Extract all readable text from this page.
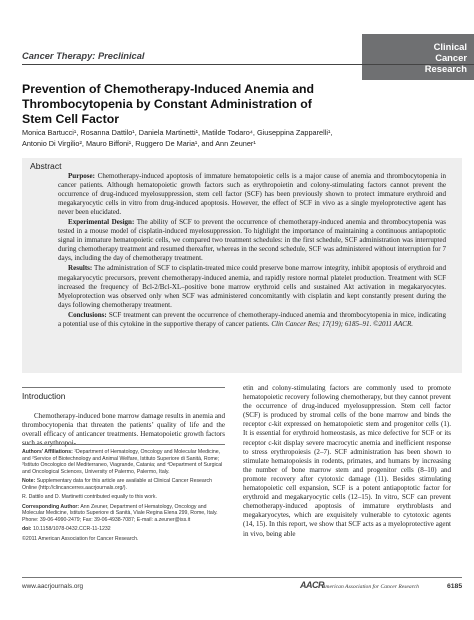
Clinical
Cancer
Research
Cancer Therapy: Preclinical
Prevention of Chemotherapy-Induced Anemia and Thrombocytopenia by Constant Administration of Stem Cell Factor
Monica Bartucci¹, Rosanna Dattilo¹, Daniela Martinetti¹, Matilde Todaro⁴, Giuseppina Zapparelli¹,
Antonio Di Virgilio², Mauro Biffoni¹, Ruggero De Maria¹, and Ann Zeuner¹
Abstract

Purpose: Chemotherapy-induced apoptosis of immature hematopoietic cells is a major cause of anemia and thrombocytopenia in cancer patients. Although hematopoietic growth factors such as erythropoietin and colony-stimulating factors cannot prevent the occurrence of drug-induced myelosuppression, stem cell factor (SCF) has been previously shown to protect immature erythroid and megakaryocytic cells in vitro from drug-induced apoptosis. However, the effect of SCF in vivo as a single myeloprotective agent has never been elucidated.

Experimental Design: The ability of SCF to prevent the occurrence of chemotherapy-induced anemia and thrombocytopenia was tested in a mouse model of cisplatin-induced myelosuppression. To highlight the importance of maintaining a continuous antiapoptotic signal in immature hematopoietic cells, we compared two treatment schedules: in the first schedule, SCF administration was interrupted during chemotherapy treatment and resumed thereafter, whereas in the second schedule, SCF was administered without interruption for 7 days, including the day of chemotherapy treatment.

Results: The administration of SCF to cisplatin-treated mice could preserve bone marrow integrity, inhibit apoptosis of erythroid and megakaryocytic precursors, prevent chemotherapy-induced anemia, and rapidly restore normal platelet production. Treatment with SCF increased the frequency of Bcl-2/Bcl-XL–positive bone marrow erythroid cells and sustained Akt activation in megakaryocytes. Myeloprotection was observed only when SCF was administered concomitantly with cisplatin and kept constantly present during the days following chemotherapy treatment.

Conclusions: SCF treatment can prevent the occurrence of chemotherapy-induced anemia and thrombocytopenia in mice, indicating a potential use of this cytokine in the supportive therapy of cancer patients. Clin Cancer Res; 17(19); 6185–91. ©2011 AACR.

Introduction

Chemotherapy-induced bone marrow damage results in anemia and thrombocytopenia that threaten the patients’ quality of life and the overall efficacy of anticancer treatments. Hematopoietic growth factors such as erythropoi-

Authors’ Affiliations: ¹Department of Hematology, Oncology and Molecular Medicine, and ²Service of Biotechnology and Animal Welfare, Istituto Superiore di Sanità, Rome; ³Istituto Oncologico del Mediterraneo, Viagrande, Catania; and ⁴Department of Surgical and Oncological Sciences, University of Palermo, Palermo, Italy.

Note: Supplementary data for this article are available at Clinical Cancer Research Online (http://clincancerres.aacrjournals.org/).

R. Dattilo and D. Martinetti contributed equally to this work.

Corresponding Author: Ann Zeuner, Department of Hematology, Oncology and Molecular Medicine, Istituto Superiore di Sanità, Viale Regina Elena 299, Rome, Italy. Phone: 39-06-4990-2479; Fax: 39-06-4938-7087; E-mail: a.zeuner@iss.it

doi: 10.1158/1078-0432.CCR-11-1232

©2011 American Association for Cancer Research.

etin and colony-stimulating factors are commonly used to promote hematopoietic recovery following chemotherapy, but they cannot prevent the occurrence of drug-induced myelosuppression. Stem cell factor (SCF) is produced by stromal cells of the bone marrow and binds the receptor c-kit expressed on hematopoietic stem and progenitor cells (1). It is essential for erythroid homeostasis, as mice defective for SCF or its receptor c-kit display severe macrocytic anemia and inefficient response to stress erythropoiesis (2–7). SCF administration has been shown to stimulate hematopoiesis in rodents, primates, and humans by increasing the number of bone marrow stem and progenitor cells (8–10) and promote recovery after cytotoxic damage (11). Besides stimulating hematopoietic cell expansion, SCF is a potent antiapoptotic factor for erythroid and megakaryocytic cells (12–15). In vitro, SCF can prevent chemotherapy-induced apoptosis of immature erythroblasts and megakaryocytes, which are exquisitely vulnerable to cytotoxic agents (14, 15). In this report, we show that SCF acts as a myeloprotective agent in vivo, being able

www.aacrjournals.org	AACR
American Association for Cancer Research	6185
